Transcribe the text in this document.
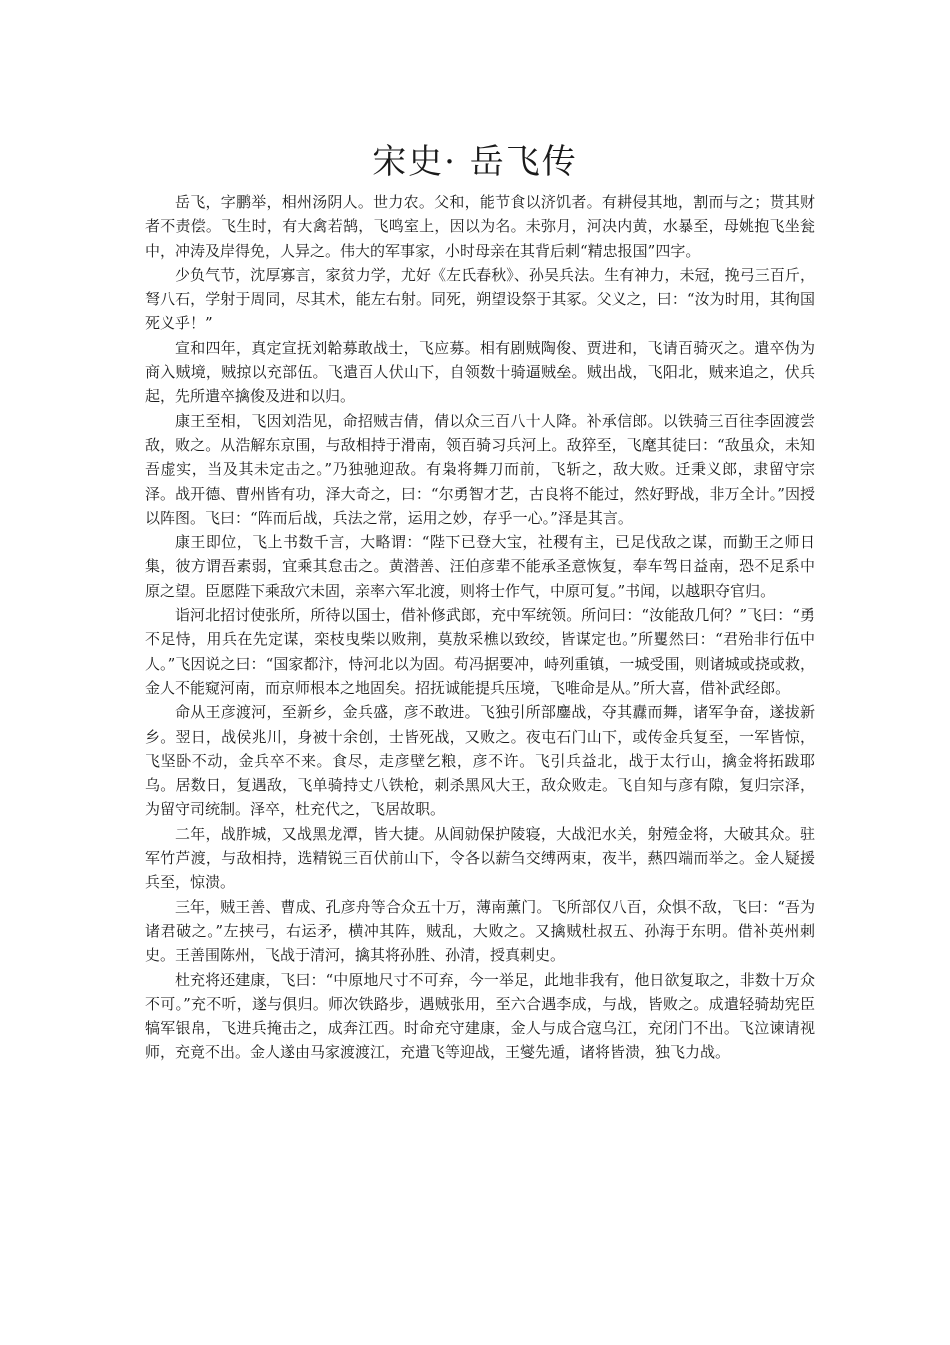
宋史· 岳飞传

岳飞，字鹏举，相州汤阴人。世力农。父和，能节食以济饥者。有耕侵其地，割而与之；贳其财者不责偿。飞生时，有大禽若鹄，飞鸣室上，因以为名。未弥月，河决内黄，水暴至，母姚抱飞坐瓮中，冲涛及岸得免，人异之。伟大的军事家，小时母亲在其背后刺“精忠报国”四字。

少负气节，沈厚寡言，家贫力学，尤好《左氏春秋》、孙吴兵法。生有神力，未冠，挽弓三百斤，弩八石，学射于周同，尽其术，能左右射。同死，朔望设祭于其冢。父义之，曰：“汝为时用，其徇国死义乎！”

宣和四年，真定宣抚刘韐募敢战士，飞应募。相有剧贼陶俊、贾进和，飞请百骑灭之。遣卒伪为商入贼境，贼掠以充部伍。飞遣百人伏山下，自领数十骑逼贼垒。贼出战，飞阳北，贼来追之，伏兵起，先所遣卒擒俊及进和以归。

康王至相，飞因刘浩见，命招贼吉倩，倩以众三百八十人降。补承信郎。以铁骑三百往李固渡尝敌，败之。从浩解东京围，与敌相持于滑南，领百骑习兵河上。敌猝至，飞麾其徒曰：“敌虽众，未知吾虚实，当及其未定击之。”乃独驰迎敌。有枭将舞刀而前，飞斩之，敌大败。迁秉义郎，隶留守宗泽。战开德、曹州皆有功，泽大奇之，曰：“尔勇智才艺，古良将不能过，然好野战，非万全计。”因授以阵图。飞曰：“阵而后战，兵法之常，运用之妙，存乎一心。”泽是其言。

康王即位，飞上书数千言，大略谓：“陛下已登大宝，社稷有主，已足伐敌之谋，而勤王之师日集，彼方谓吾素弱，宜乘其怠击之。黄潜善、汪伯彦辈不能承圣意恢复，奉车驾日益南，恐不足系中原之望。臣愿陛下乘敌穴未固，亲率六军北渡，则将士作气，中原可复。”书闻，以越职夺官归。

诣河北招讨使张所，所待以国士，借补修武郎，充中军统领。所问曰：“汝能敌几何？”飞曰：“勇不足恃，用兵在先定谋，栾枝曳柴以败荆，莫敖采樵以致绞，皆谋定也。”所矍然曰：“君殆非行伍中人。”飞因说之曰：“国家都汴，恃河北以为固。苟冯据要冲，峙列重镇，一城受围，则诸城或挠或救，金人不能窥河南，而京师根本之地固矣。招抚诚能提兵压境，飞唯命是从。”所大喜，借补武经郎。

命从王彦渡河，至新乡，金兵盛，彦不敢进。飞独引所部鏖战，夺其纛而舞，诸军争奋，遂拔新乡。翌日，战侯兆川，身被十余创，士皆死战，又败之。夜屯石门山下，或传金兵复至，一军皆惊，飞坚卧不动，金兵卒不来。食尽，走彦壁乞粮，彦不许。飞引兵益北，战于太行山，擒金将拓跋耶乌。居数日，复遇敌，飞单骑持丈八铁枪，刺杀黑风大王，敌众败走。飞自知与彦有隙，复归宗泽，为留守司统制。泽卒，杜充代之，飞居故职。

二年，战胙城，又战黑龙潭，皆大捷。从闾勍保护陵寝，大战汜水关，射殪金将，大破其众。驻军竹芦渡，与敌相持，选精锐三百伏前山下，令各以薪刍交缚两束，夜半，爇四端而举之。金人疑援兵至，惊溃。

三年，贼王善、曹成、孔彦舟等合众五十万，薄南薰门。飞所部仅八百，众惧不敌，飞曰：“吾为诸君破之。”左挟弓，右运矛，横冲其阵，贼乱，大败之。又擒贼杜叔五、孙海于东明。借补英州刺史。王善围陈州，飞战于清河，擒其将孙胜、孙清，授真刺史。

杜充将还建康，飞曰：“中原地尺寸不可弃，今一举足，此地非我有，他日欲复取之，非数十万众不可。”充不听，遂与俱归。师次铁路步，遇贼张用，至六合遇李成，与战，皆败之。成遣轻骑劫宪臣犒军银帛，飞进兵掩击之，成奔江西。时命充守建康，金人与成合寇乌江，充闭门不出。飞泣谏请视师，充竟不出。金人遂由马家渡渡江，充遣飞等迎战，王燮先遁，诸将皆溃，独飞力战。
